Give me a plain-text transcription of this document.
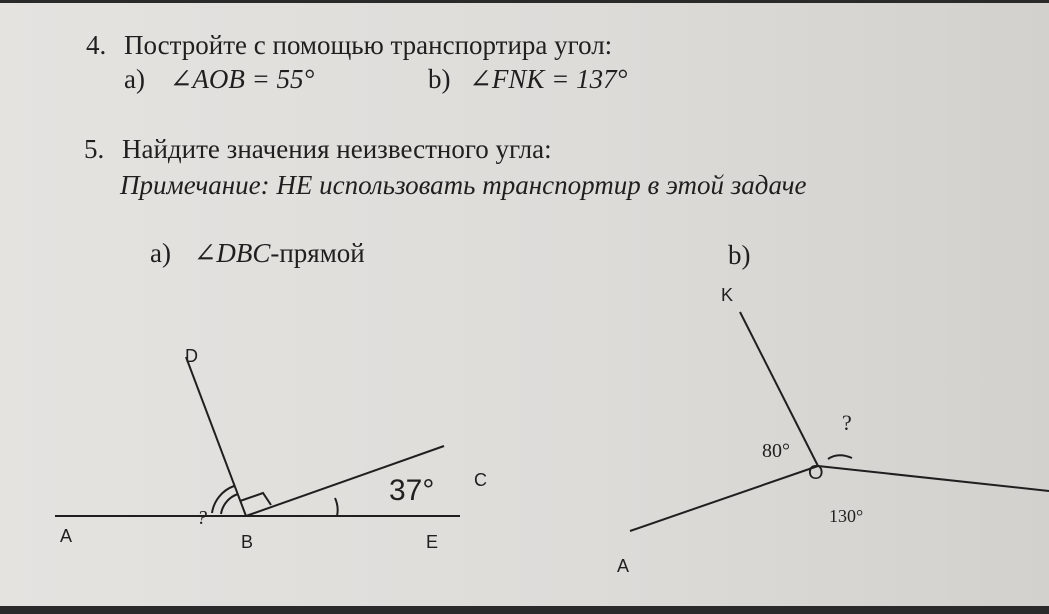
4. Постройте с помощью транспортира угол:
a) ∠AOB = 55°	b) ∠FNK = 137°
5. Найдите значения неизвестного угла:
Примечание: НЕ использовать транспортир в этой задаче
a) ∠DBC-прямой	b)
D
A	B	E
C
37°
?
K
A
O
80°
130°
?
